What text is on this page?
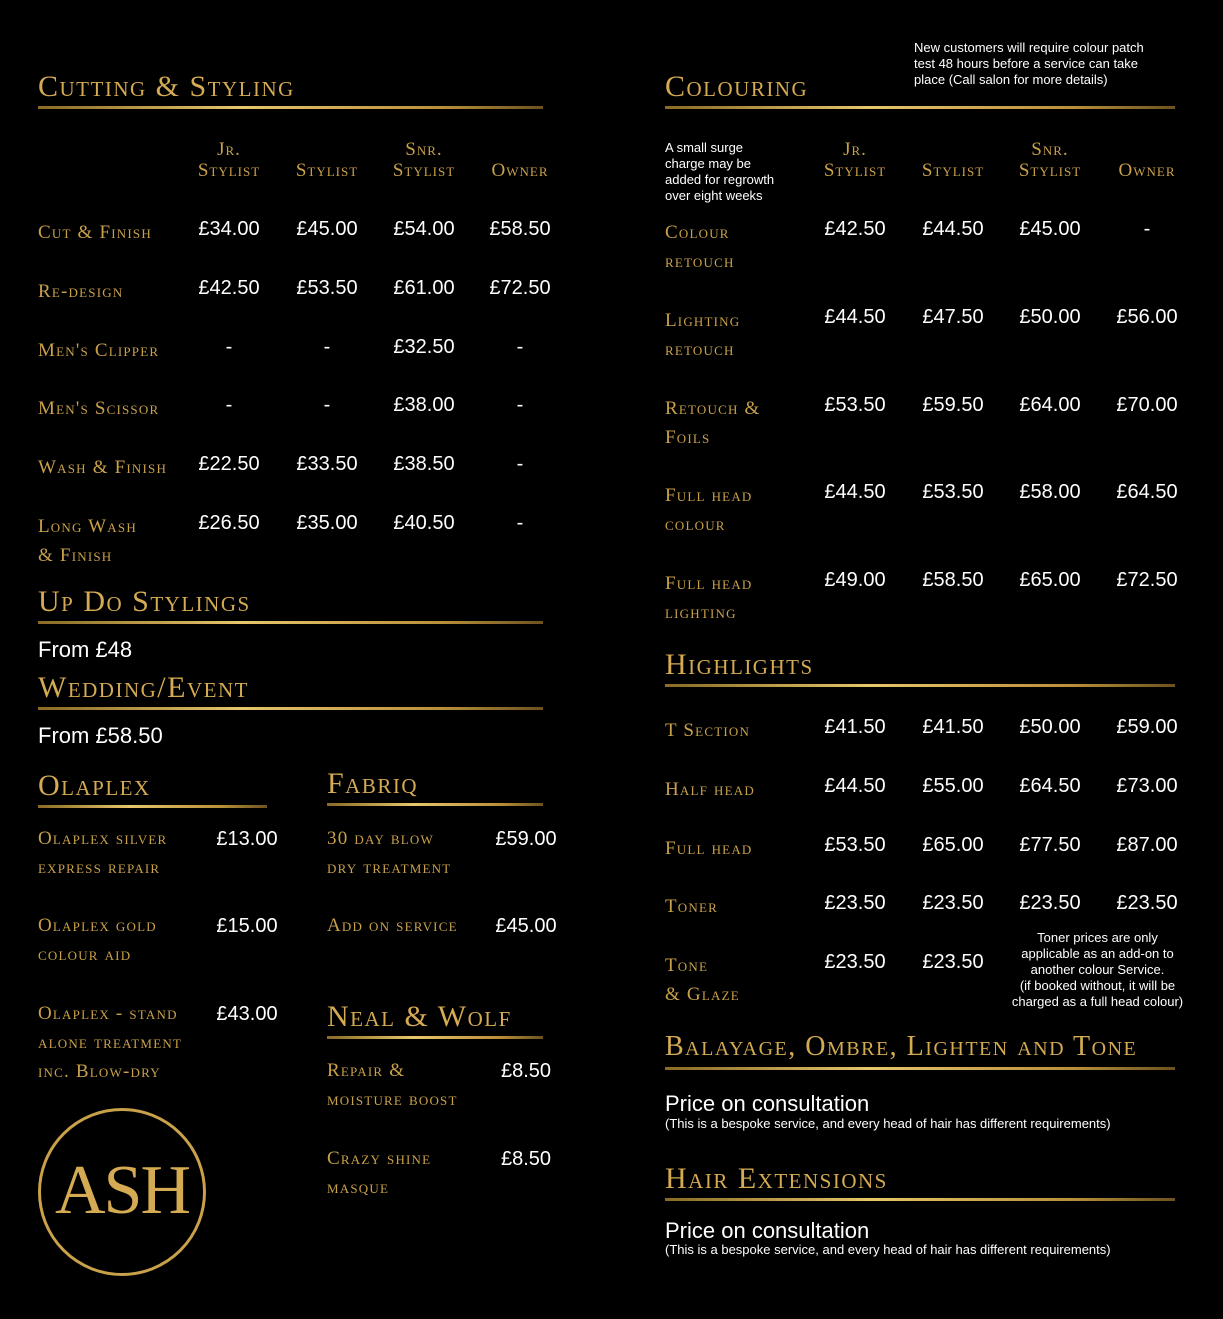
Cutting & Styling
Jr.
Stylist
	Stylist
Snr.
Stylist
	Owner
Cut & Finish	£34.00	£45.00	£54.00	£58.50
Re-design	£42.50	£53.50	£61.00	£72.50
Men's Clipper	-	-	£32.50	-
Men's Scissor	-	-	£38.00	-
Wash & Finish	£22.50	£33.50	£38.50	-
Long Wash
& Finish
£26.50	£35.00	£40.50	-
Up Do Stylings
From £48
Wedding/Event
From £58.50
Olaplex
Olaplex silver
express repair
£13.00
Olaplex gold
colour aid
£15.00
Olaplex - stand
alone treatment
inc. Blow-dry
£43.00
Fabriq
30 day blow
dry treatment
£59.00
Add on service	£45.00
Neal & Wolf
Repair &
moisture boost
£8.50
Crazy shine
masque
£8.50
ASH
New customers will require colour patch
test 48 hours before a service can take
place (Call salon for more details)
Colouring
A small surge
charge may be
added for regrowth
over eight weeks
Jr.
Stylist
	Stylist
Snr.
Stylist
	Owner
Colour
retouch
£42.50	£44.50	£45.00	-
Lighting
retouch
£44.50	£47.50	£50.00	£56.00
Retouch &
Foils
£53.50	£59.50	£64.00	£70.00
Full head
colour
£44.50	£53.50	£58.00	£64.50
Full head
lighting
£49.00	£58.50	£65.00	£72.50
Highlights
T Section	£41.50	£41.50	£50.00	£59.00
Half head	£44.50	£55.00	£64.50	£73.00
Full head	£53.50	£65.00	£77.50	£87.00
Toner	£23.50	£23.50	£23.50	£23.50
Tone
& Glaze
£23.50	£23.50
Toner prices are only
applicable as an add-on to
another colour Service.
(if booked without, it will be
charged as a full head colour)
Balayage, Ombre, Lighten and Tone
Price on consultation
(This is a bespoke service, and every head of hair has different requirements)
Hair Extensions
Price on consultation
(This is a bespoke service, and every head of hair has different requirements)
